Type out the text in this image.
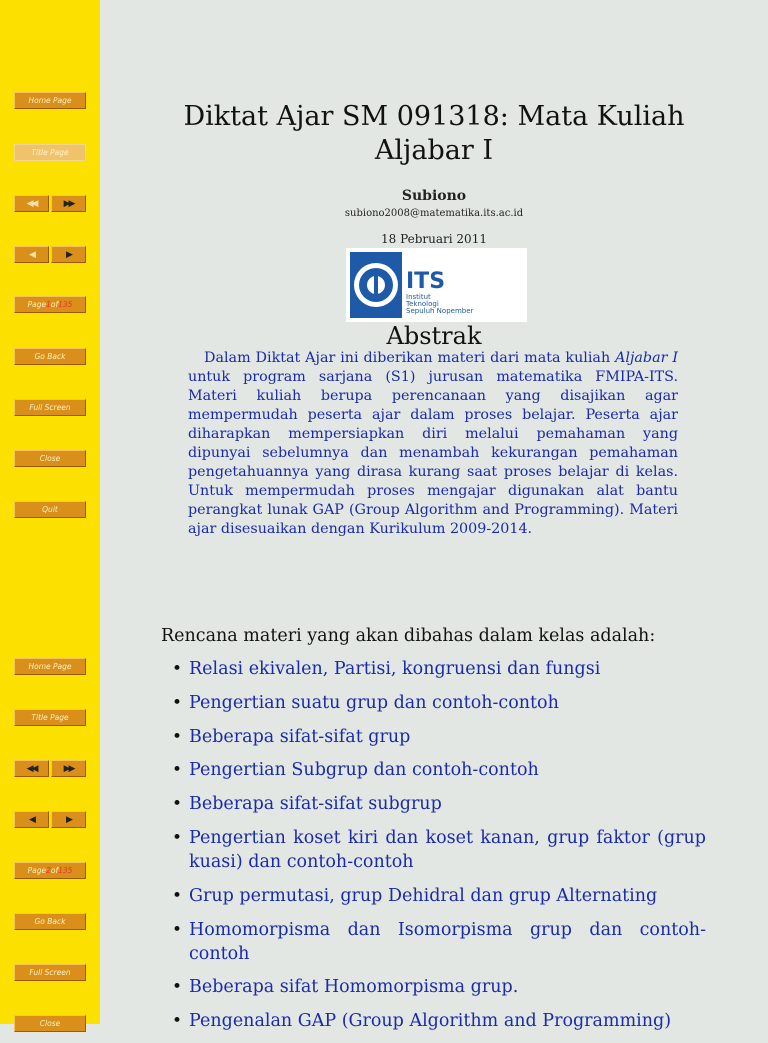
Home Page
Title Page
◀◀	▶▶
◀	▶
Page 1 of 135
Go Back
Full Screen
Close
Quit
Home Page
Title Page
◀◀	▶▶
◀	▶
Page 2 of 135
Go Back
Full Screen
Close
Diktat Ajar SM 091318: Mata Kuliah
Aljabar I
Subiono
subiono2008@matematika.its.ac.id
18 Pebruari 2011
ITS
Institut
Teknologi
Sepuluh Nopember
Abstrak
Dalam Diktat Ajar ini diberikan materi dari mata kuliah Aljabar I untuk program sarjana (S1) jurusan matematika FMIPA-ITS. Materi kuliah berupa perencanaan yang disajikan agar mempermudah peserta ajar dalam proses belajar. Peserta ajar diharapkan mempersiapkan diri melalui pemahaman yang dipunyai sebelumnya dan menambah kekurangan pemahaman pengetahuannya yang dirasa kurang saat proses belajar di kelas. Untuk mempermudah proses mengajar digunakan alat bantu perangkat lunak GAP (Group Algorithm and Programming). Materi ajar disesuaikan dengan Kurikulum 2009-2014.
Rencana materi yang akan dibahas dalam kelas adalah:
• Relasi ekivalen, Partisi, kongruensi dan fungsi
• Pengertian suatu grup dan contoh-contoh
• Beberapa sifat-sifat grup
• Pengertian Subgrup dan contoh-contoh
• Beberapa sifat-sifat subgrup
• Pengertian koset kiri dan koset kanan, grup faktor (grup kuasi) dan contoh-contoh
• Grup permutasi, grup Dehidral dan grup Alternating
• Homomorpisma dan Isomorpisma grup dan contoh-contoh
• Beberapa sifat Homomorpisma grup.
• Pengenalan GAP (Group Algorithm and Programming)
